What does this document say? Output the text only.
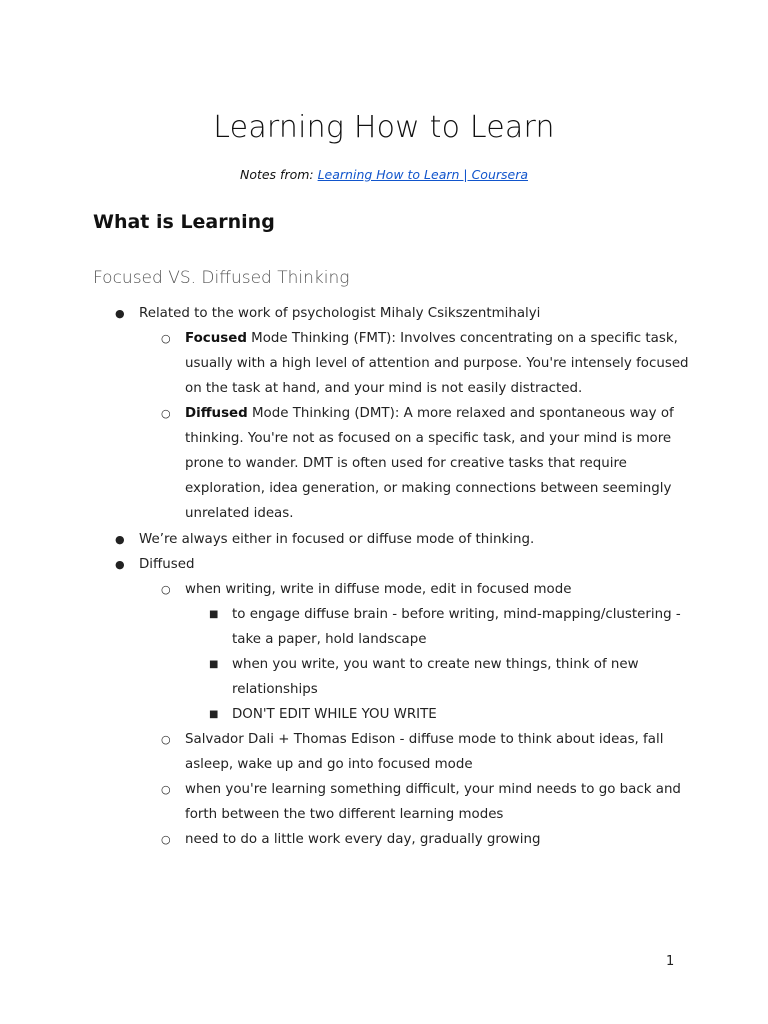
Learning How to Learn
Notes from: Learning How to Learn | Coursera
What is Learning
Focused VS. Diffused Thinking
● Related to the work of psychologist Mihaly Csikszentmihalyi
○ Focused Mode Thinking (FMT): Involves concentrating on a specific task,
usually with a high level of attention and purpose. You're intensely focused
on the task at hand, and your mind is not easily distracted.
○ Diffused Mode Thinking (DMT): A more relaxed and spontaneous way of
thinking. You're not as focused on a specific task, and your mind is more
prone to wander. DMT is often used for creative tasks that require
exploration, idea generation, or making connections between seemingly
unrelated ideas.
● We’re always either in focused or diffuse mode of thinking.
● Diffused
○ when writing, write in diffuse mode, edit in focused mode
■ to engage diffuse brain - before writing, mind-mapping/clustering -
take a paper, hold landscape
■ when you write, you want to create new things, think of new
relationships
■ DON'T EDIT WHILE YOU WRITE
○ Salvador Dali + Thomas Edison - diffuse mode to think about ideas, fall
asleep, wake up and go into focused mode
○ when you're learning something difficult, your mind needs to go back and
forth between the two different learning modes
○ need to do a little work every day, gradually growing
1
